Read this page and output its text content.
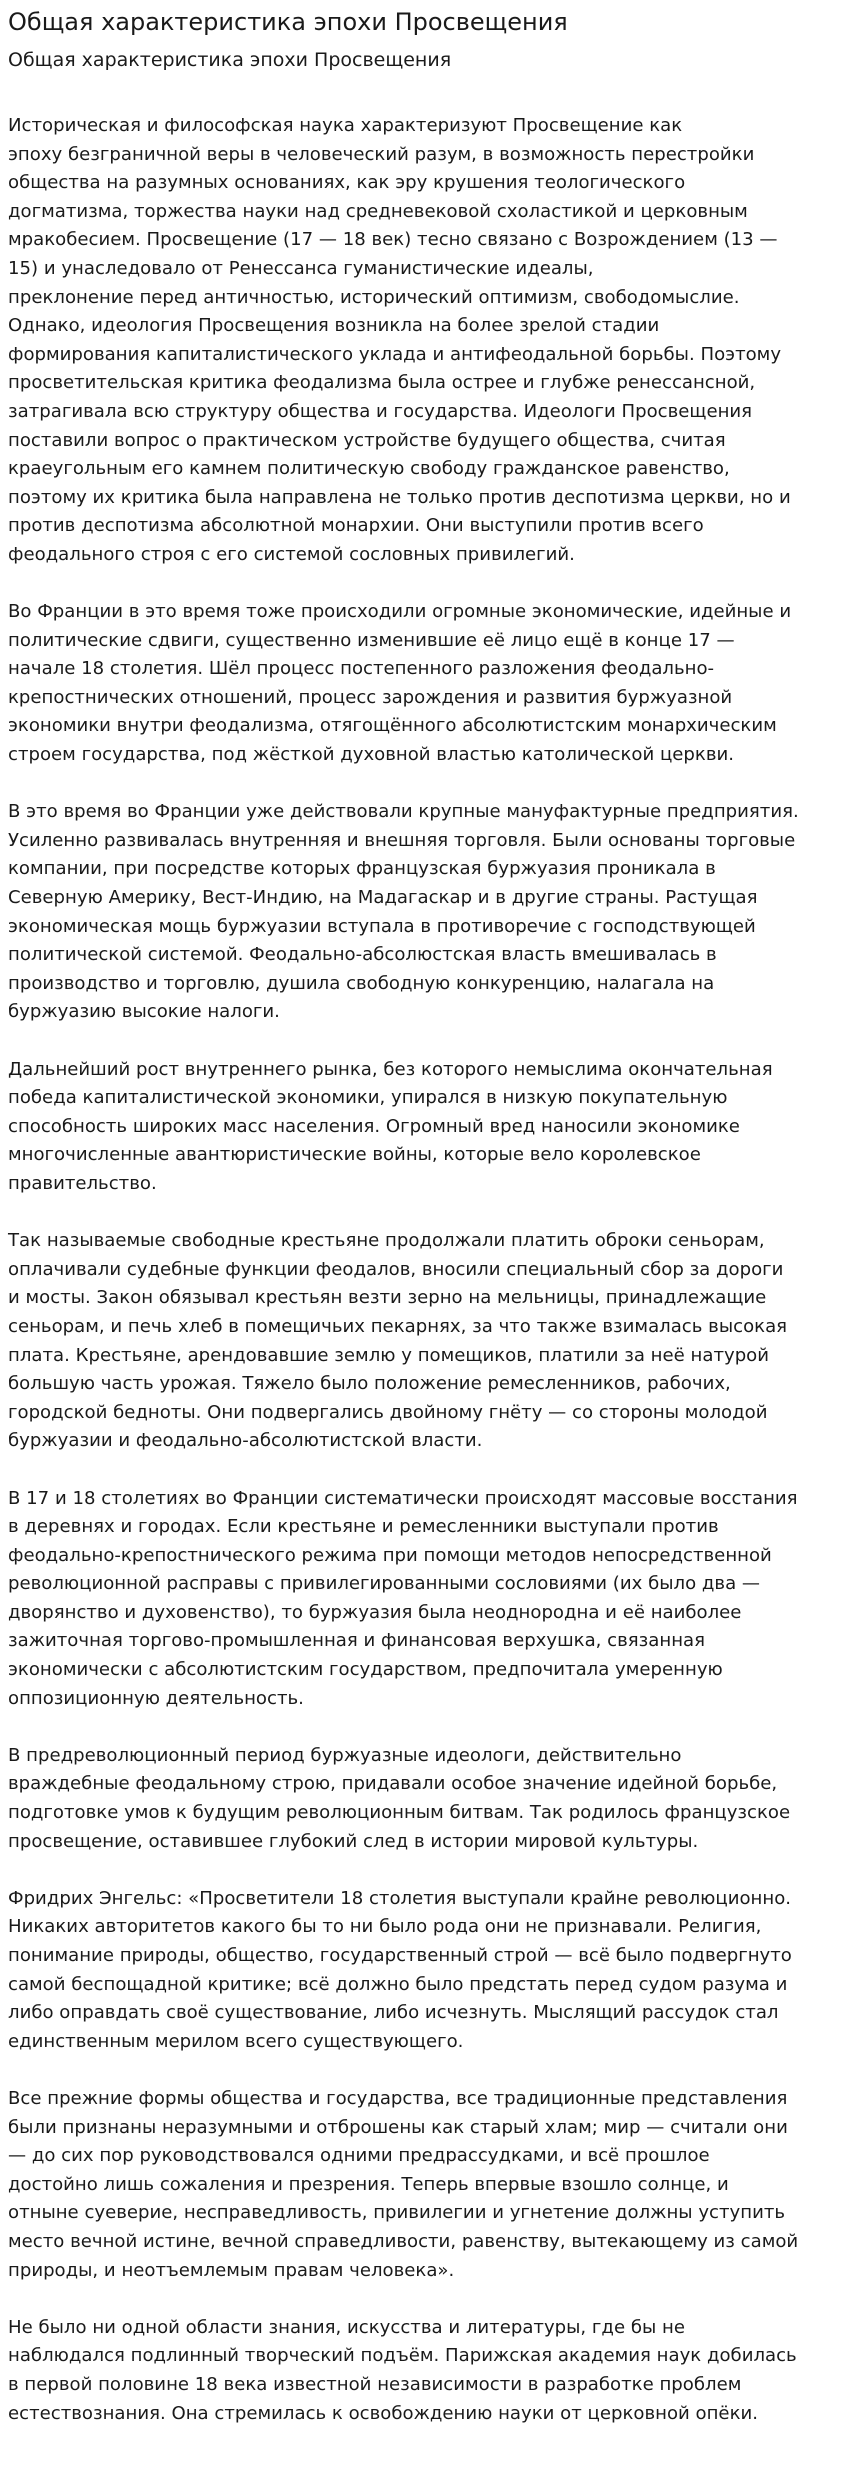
Общая характеристика эпохи Просвещения
Общая характеристика эпохи Просвещения

Историческая и философская наука характеризуют Просвещение как
эпоху безграничной веры в человеческий разум, в возможность перестройки
общества на разумных основаниях, как эру крушения теологического
догматизма, торжества науки над средневековой схоластикой и церковным
мракобесием. Просвещение (17 — 18 век) тесно связано с Возрождением (13 —
15) и унаследовало от Ренессанса гуманистические идеалы,
преклонение перед античностью, исторический оптимизм, свободомыслие.
Однако, идеология Просвещения возникла на более зрелой стадии
формирования капиталистического уклада и антифеодальной борьбы. Поэтому
просветительская критика феодализма была острее и глубже ренессансной,
затрагивала всю структуру общества и государства. Идеологи Просвещения
поставили вопрос о практическом устройстве будущего общества, считая
краеугольным его камнем политическую свободу гражданское равенство,
поэтому их критика была направлена не только против деспотизма церкви, но и
против деспотизма абсолютной монархии. Они выступили против всего
феодального строя с его системой сословных привилегий.

Во Франции в это время тоже происходили огромные экономические, идейные и
политические сдвиги, существенно изменившие её лицо ещё в конце 17 —
начале 18 столетия. Шёл процесс постепенного разложения феодально-
крепостнических отношений, процесс зарождения и развития буржуазной
экономики внутри феодализма, отягощённого абсолютистским монархическим
строем государства, под жёсткой духовной властью католической церкви.

В это время во Франции уже действовали крупные мануфактурные предприятия.
Усиленно развивалась внутренняя и внешняя торговля. Были основаны торговые
компании, при посредстве которых французская буржуазия проникала в
Северную Америку, Вест-Индию, на Мадагаскар и в другие страны. Растущая
экономическая мощь буржуазии вступала в противоречие с господствующей
политической системой. Феодально-абсолюстская власть вмешивалась в
производство и торговлю, душила свободную конкуренцию, налагала на
буржуазию высокие налоги.

Дальнейший рост внутреннего рынка, без которого немыслима окончательная
победа капиталистической экономики, упирался в низкую покупательную
способность широких масс населения. Огромный вред наносили экономике
многочисленные авантюристические войны, которые вело королевское
правительство.

Так называемые свободные крестьяне продолжали платить оброки сеньорам,
оплачивали судебные функции феодалов, вносили специальный сбор за дороги
и мосты. Закон обязывал крестьян везти зерно на мельницы, принадлежащие
сеньорам, и печь хлеб в помещичьих пекарнях, за что также взималась высокая
плата. Крестьяне, арендовавшие землю у помещиков, платили за неё натурой
большую часть урожая. Тяжело было положение ремесленников, рабочих,
городской бедноты. Они подвергались двойному гнёту — со стороны молодой
буржуазии и феодально-абсолютистской власти.

В 17 и 18 столетиях во Франции систематически происходят массовые восстания
в деревнях и городах. Если крестьяне и ремесленники выступали против
феодально-крепостнического режима при помощи методов непосредственной
революционной расправы с привилегированными сословиями (их было два —
дворянство и духовенство), то буржуазия была неоднородна и её наиболее
зажиточная торгово-промышленная и финансовая верхушка, связанная
экономически с абсолютистским государством, предпочитала умеренную
оппозиционную деятельность.

В предреволюционный период буржуазные идеологи, действительно
враждебные феодальному строю, придавали особое значение идейной борьбе,
подготовке умов к будущим революционным битвам. Так родилось французское
просвещение, оставившее глубокий след в истории мировой культуры.

Фридрих Энгельс: «Просветители 18 столетия выступали крайне революционно.
Никаких авторитетов какого бы то ни было рода они не признавали. Религия,
понимание природы, общество, государственный строй — всё было подвергнуто
самой беспощадной критике; всё должно было предстать перед судом разума и
либо оправдать своё существование, либо исчезнуть. Мыслящий рассудок стал
единственным мерилом всего существующего.

Все прежние формы общества и государства, все традиционные представления
были признаны неразумными и отброшены как старый хлам; мир — считали они
— до сих пор руководствовался одними предрассудками, и всё прошлое
достойно лишь сожаления и презрения. Теперь впервые взошло солнце, и
отныне суеверие, несправедливость, привилегии и угнетение должны уступить
место вечной истине, вечной справедливости, равенству, вытекающему из самой
природы, и неотъемлемым правам человека».

Не было ни одной области знания, искусства и литературы, где бы не
наблюдался подлинный творческий подъём. Парижская академия наук добилась
в первой половине 18 века известной независимости в разработке проблем
естествознания. Она стремилась к освобождению науки от церковной опёки.
